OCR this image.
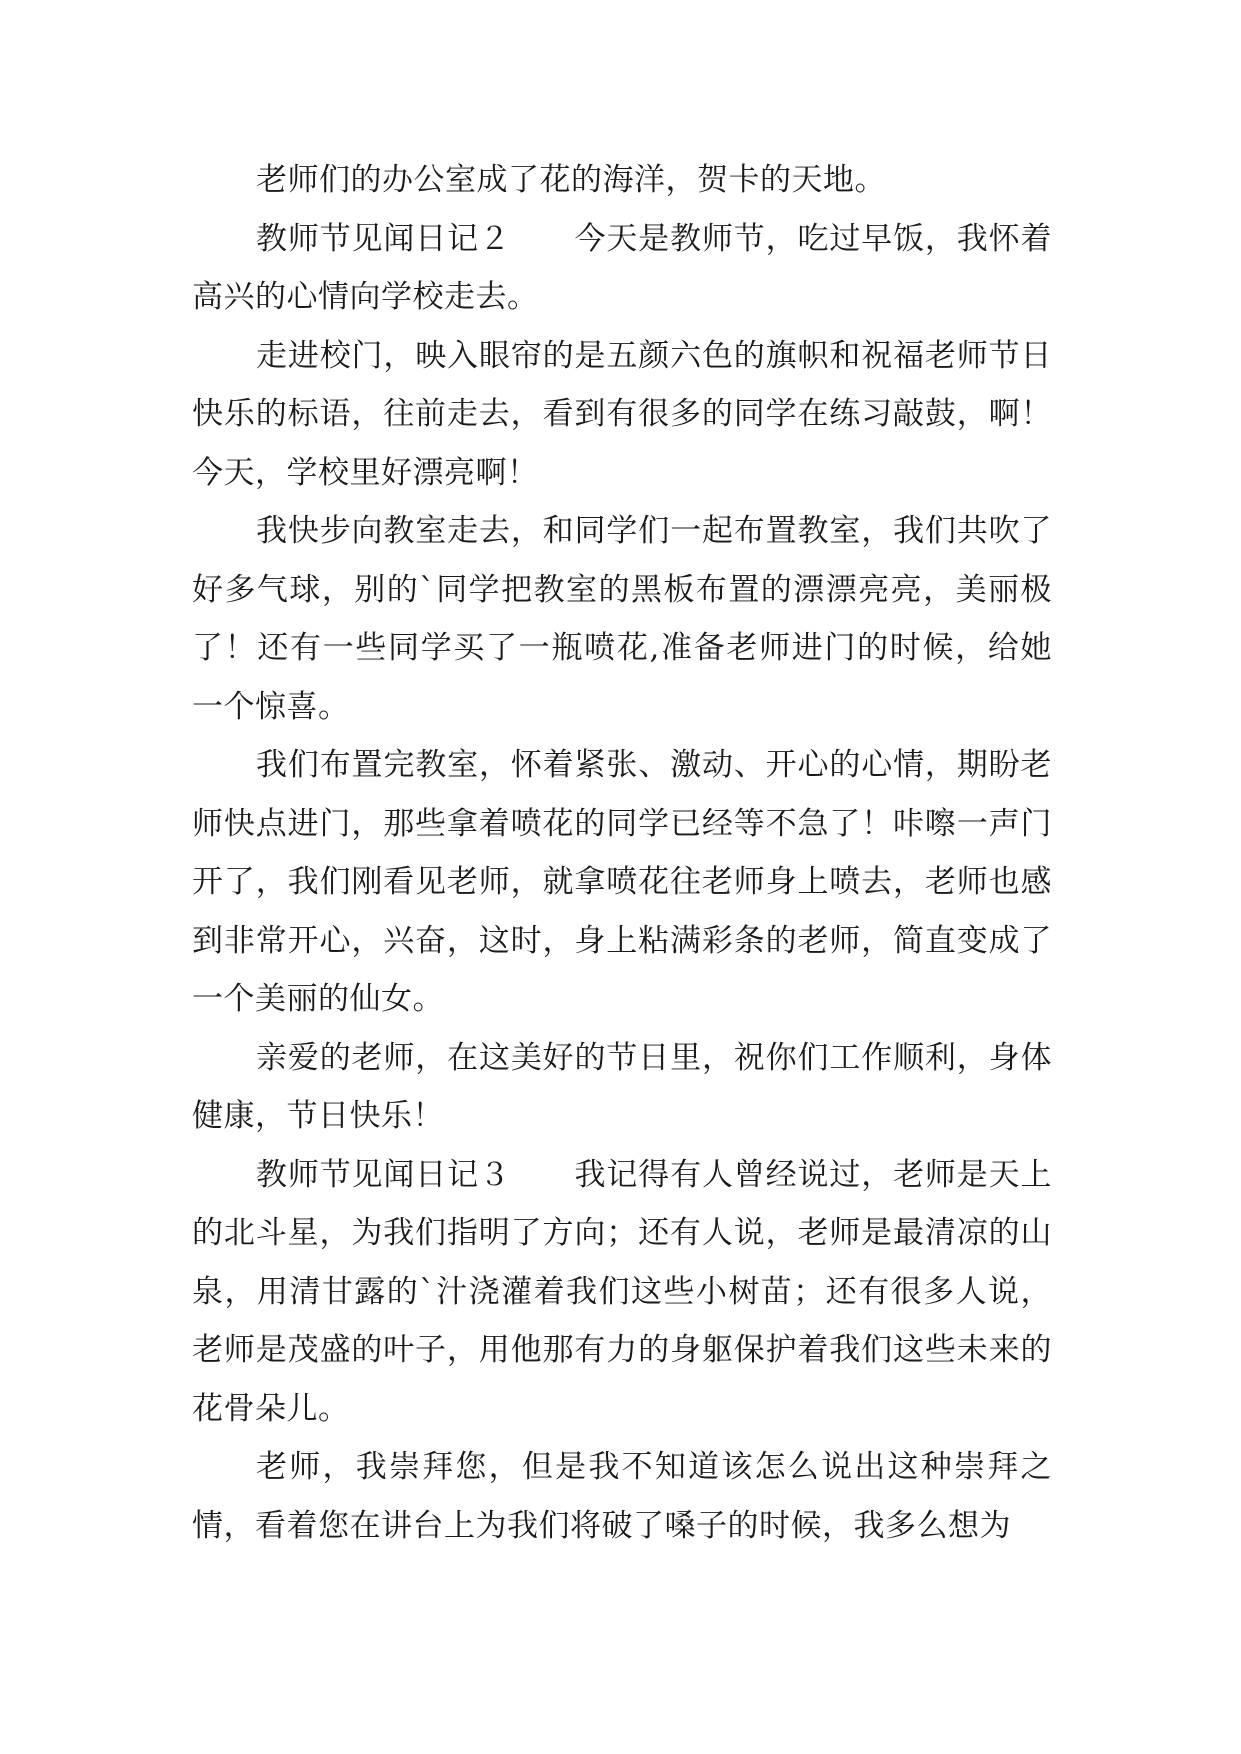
老师们的办公室成了花的海洋，贺卡的天地。

教师节见闻日记２　　今天是教师节，吃过早饭，我怀着高兴的心情向学校走去。

走进校门，映入眼帘的是五颜六色的旗帜和祝福老师节日快乐的标语，往前走去，看到有很多的同学在练习敲鼓，啊！今天，学校里好漂亮啊！

我快步向教室走去，和同学们一起布置教室，我们共吹了好多气球，别的`同学把教室的黑板布置的漂漂亮亮，美丽极了！还有一些同学买了一瓶喷花,准备老师进门的时候，给她一个惊喜。

我们布置完教室，怀着紧张、激动、开心的心情，期盼老师快点进门，那些拿着喷花的同学已经等不急了！咔嚓一声门开了，我们刚看见老师，就拿喷花往老师身上喷去，老师也感到非常开心，兴奋，这时，身上粘满彩条的老师，简直变成了一个美丽的仙女。

亲爱的老师，在这美好的节日里，祝你们工作顺利，身体健康，节日快乐！

教师节见闻日记３　　我记得有人曾经说过，老师是天上的北斗星，为我们指明了方向；还有人说，老师是最清凉的山泉，用清甘露的`汁浇灌着我们这些小树苗；还有很多人说，老师是茂盛的叶子，用他那有力的身躯保护着我们这些未来的花骨朵儿。

老师，我崇拜您，但是我不知道该怎么说出这种崇拜之情，看着您在讲台上为我们将破了嗓子的时候，我多么想为
